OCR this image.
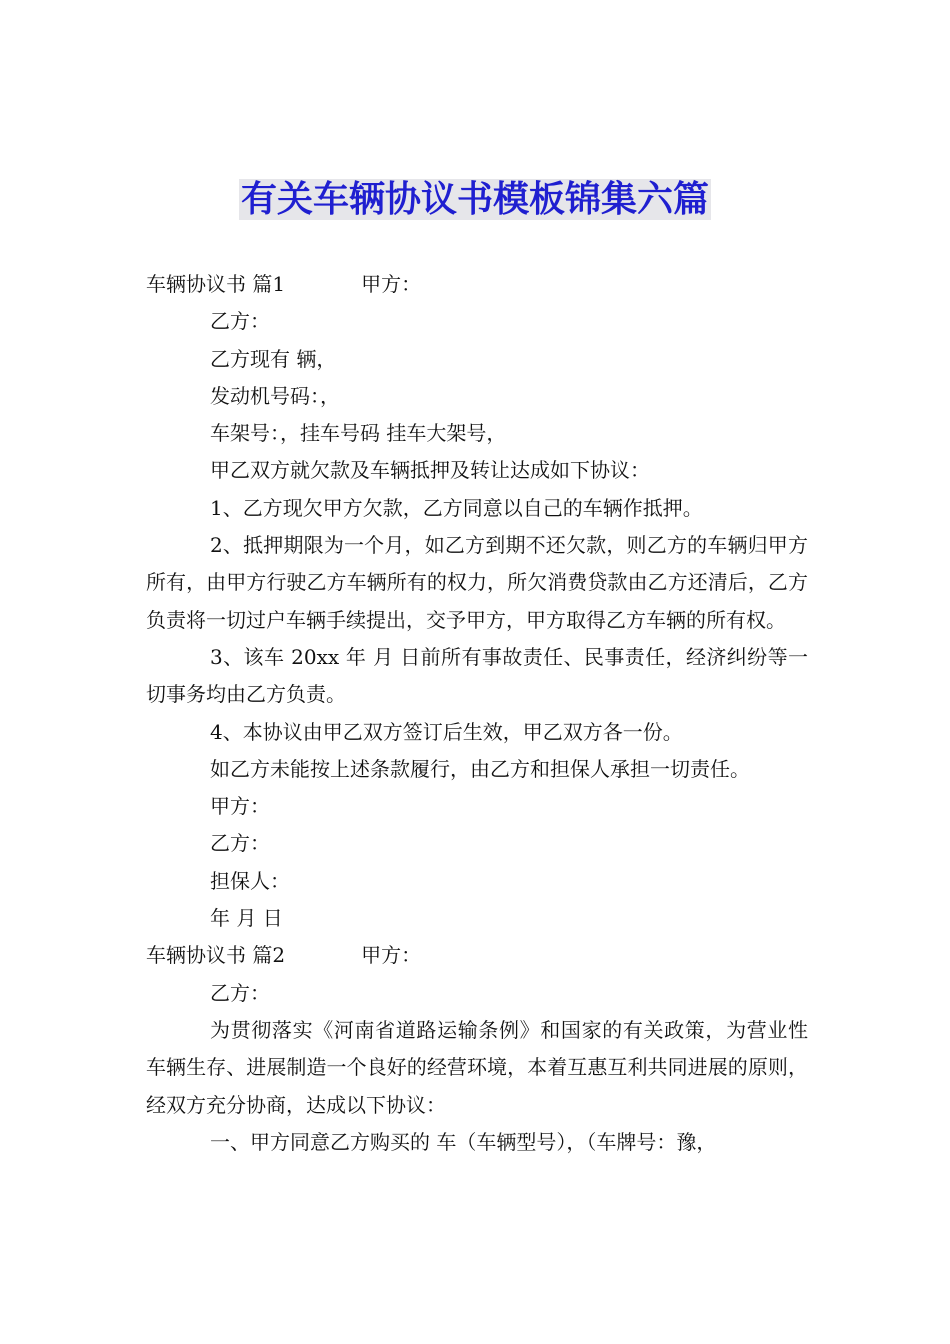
有关车辆协议书模板锦集六篇

车辆协议书 篇1	甲方：

乙方：

乙方现有 辆，

发动机号码：，

车架号：，挂车号码 挂车大架号，

甲乙双方就欠款及车辆抵押及转让达成如下协议：

1、乙方现欠甲方欠款，乙方同意以自己的车辆作抵押。

2、抵押期限为一个月，如乙方到期不还欠款，则乙方的车辆归甲方所有，由甲方行驶乙方车辆所有的权力，所欠消费贷款由乙方还清后，乙方负责将一切过户车辆手续提出，交予甲方，甲方取得乙方车辆的所有权。

3、该车 20xx 年 月 日前所有事故责任、民事责任，经济纠纷等一切事务均由乙方负责。

4、本协议由甲乙双方签订后生效，甲乙双方各一份。

如乙方未能按上述条款履行，由乙方和担保人承担一切责任。

甲方：

乙方：

担保人：

年 月 日

车辆协议书 篇2	甲方：

乙方：

为贯彻落实《河南省道路运输条例》和国家的有关政策，为营业性车辆生存、进展制造一个良好的经营环境，本着互惠互利共同进展的原则，经双方充分协商，达成以下协议：

一、甲方同意乙方购买的 车（车辆型号），（车牌号：豫，
